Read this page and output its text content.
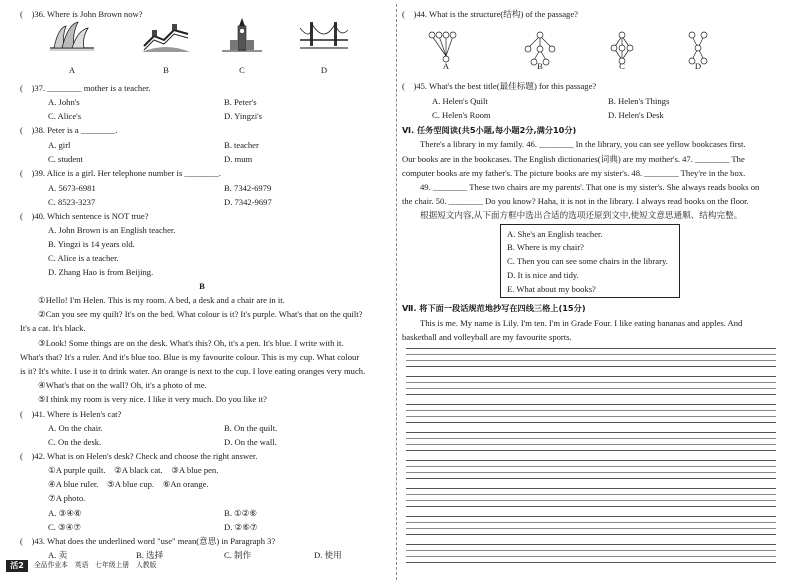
(　)36. Where is John Brown now?
A	B	C	D
(　)37. ________ mother is a teacher.
A. John's	B. Peter's
C. Alice's	D. Yingzi's
(　)38. Peter is a ________.
A. girl	B. teacher
C. student	D. mum
(　)39. Alice is a girl. Her telephone number is ________.
A. 5673-6981	B. 7342-6979
C. 8523-3237	D. 7342-9697
(　)40. Which sentence is NOT true?
A. John Brown is an English teacher.
B. Yingzi is 14 years old.
C. Alice is a teacher.
D. Zhang Hao is from Beijing.
B
①Hello! I'm Helen. This is my room. A bed, a desk and a chair are in it.
②Can you see my quilt? It's on the bed. What colour is it? It's purple. What's that on the quilt?
It's a cat. It's black.
③Look! Some things are on the desk. What's this? Oh, it's a pen. It's blue. I write with it.
What's that? It's a ruler. And it's blue too. Blue is my favourite colour. This is my cup. What colour
is it? It's white. I use it to drink water. An orange is next to the cup. I love eating oranges very much.
④What's that on the wall? Oh, it's a photo of me.
⑤I think my room is very nice. I like it very much. Do you like it?
(　)41. Where is Helen's cat?
A. On the chair.	B. On the quilt.
C. On the desk.	D. On the wall.
(　)42. What is on Helen's desk? Check and choose the right answer.
①A purple quilt.　②A black cat.　③A blue pen.
④A blue ruler.　⑤A blue cup.　⑥An orange.
⑦A photo.
A. ③④⑥	B. ①②⑥
C. ③④⑦	D. ②⑥⑦
(　)43. What does the underlined word "use" mean(意思) in Paragraph 3?
A. 卖	B. 选择	C. 制作	D. 使用
活2	全品作业本　英语　七年级上册　人教版
(　)44. What is the structure(结构) of the passage?
A	B	C	D
(　)45. What's the best title(最佳标题) for this passage?
A. Helen's Quilt	B. Helen's Things
C. Helen's Room	D. Helen's Desk
Ⅵ. 任务型阅读(共5小题,每小题2分,满分10分)
There's a library in my family. 46. ________ In the library, you can see yellow bookcases first.
Our books are in the bookcases. The English dictionaries(词典) are my mother's. 47. ________ The
computer books are my father's. The picture books are my sister's. 48. ________ They're in the box.
49. ________ These two chairs are my parents'. That one is my sister's. She always reads books on
the chair. 50. ________ Do you know? Haha, it is not in the library. I always read books on the floor.
根据短文内容,从下面方框中选出合适的选项还原到文中,使短文意思通顺、结构完整。
A. She's an English teacher.
B. Where is my chair?
C. Then you can see some chairs in the library.
D. It is nice and tidy.
E. What about my books?
Ⅶ. 将下面一段话规范地抄写在四线三格上(15分)
This is me. My name is Lily. I'm ten. I'm in Grade Four. I like eating bananas and apples. And
basketball and volleyball are my favourite sports.
